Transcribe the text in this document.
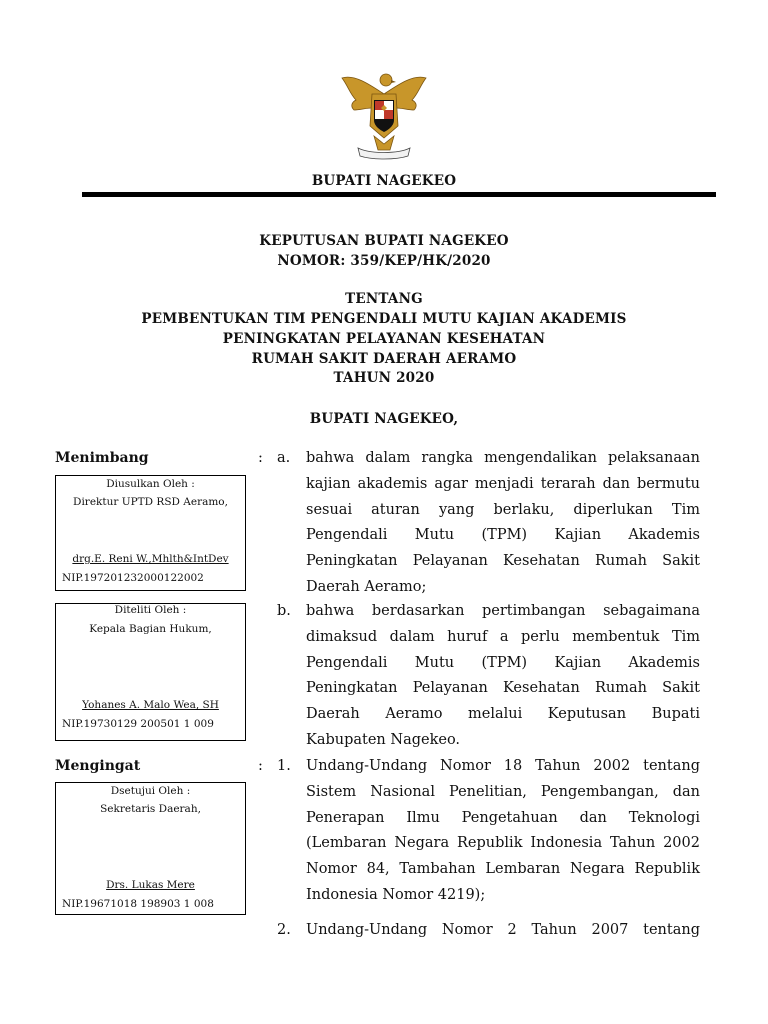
BUPATI NAGEKEO
KEPUTUSAN BUPATI NAGEKEO
NOMOR: 359/KEP/HK/2020
TENTANG
PEMBENTUKAN TIM PENGENDALI MUTU KAJIAN AKADEMIS
PENINGKATAN PELAYANAN KESEHATAN
RUMAH SAKIT DAERAH AERAMO
TAHUN 2020
BUPATI NAGEKEO,
Menimbang	: a. bahwa dalam rangka mengendalikan pelaksanaan
kajian akademis agar menjadi terarah dan bermutu
sesuai aturan yang berlaku, diperlukan Tim
Pengendali Mutu (TPM) Kajian Akademis
Peningkatan Pelayanan Kesehatan Rumah Sakit
Daerah Aeramo;
b. bahwa berdasarkan pertimbangan sebagaimana
dimaksud dalam huruf a perlu membentuk Tim
Pengendali Mutu (TPM) Kajian Akademis
Peningkatan Pelayanan Kesehatan Rumah Sakit
Daerah Aeramo melalui Keputusan Bupati
Kabupaten Nagekeo.
Mengingat	: 1. Undang-Undang Nomor 18 Tahun 2002 tentang
Sistem Nasional Penelitian, Pengembangan, dan
Penerapan Ilmu Pengetahuan dan Teknologi
(Lembaran Negara Republik Indonesia Tahun 2002
Nomor 84, Tambahan Lembaran Negara Republik
Indonesia Nomor 4219);
2. Undang-Undang Nomor 2 Tahun 2007 tentang
Diusulkan Oleh :
Direktur UPTD RSD Aeramo,
drg.E. Reni W.,Mhlth&IntDev
NIP.197201232000122002
Diteliti Oleh :
Kepala Bagian Hukum,
Yohanes A. Malo Wea, SH
NIP.19730129 200501 1 009
Dsetujui Oleh :
Sekretaris Daerah,
Drs. Lukas Mere
NIP.19671018 198903 1 008
